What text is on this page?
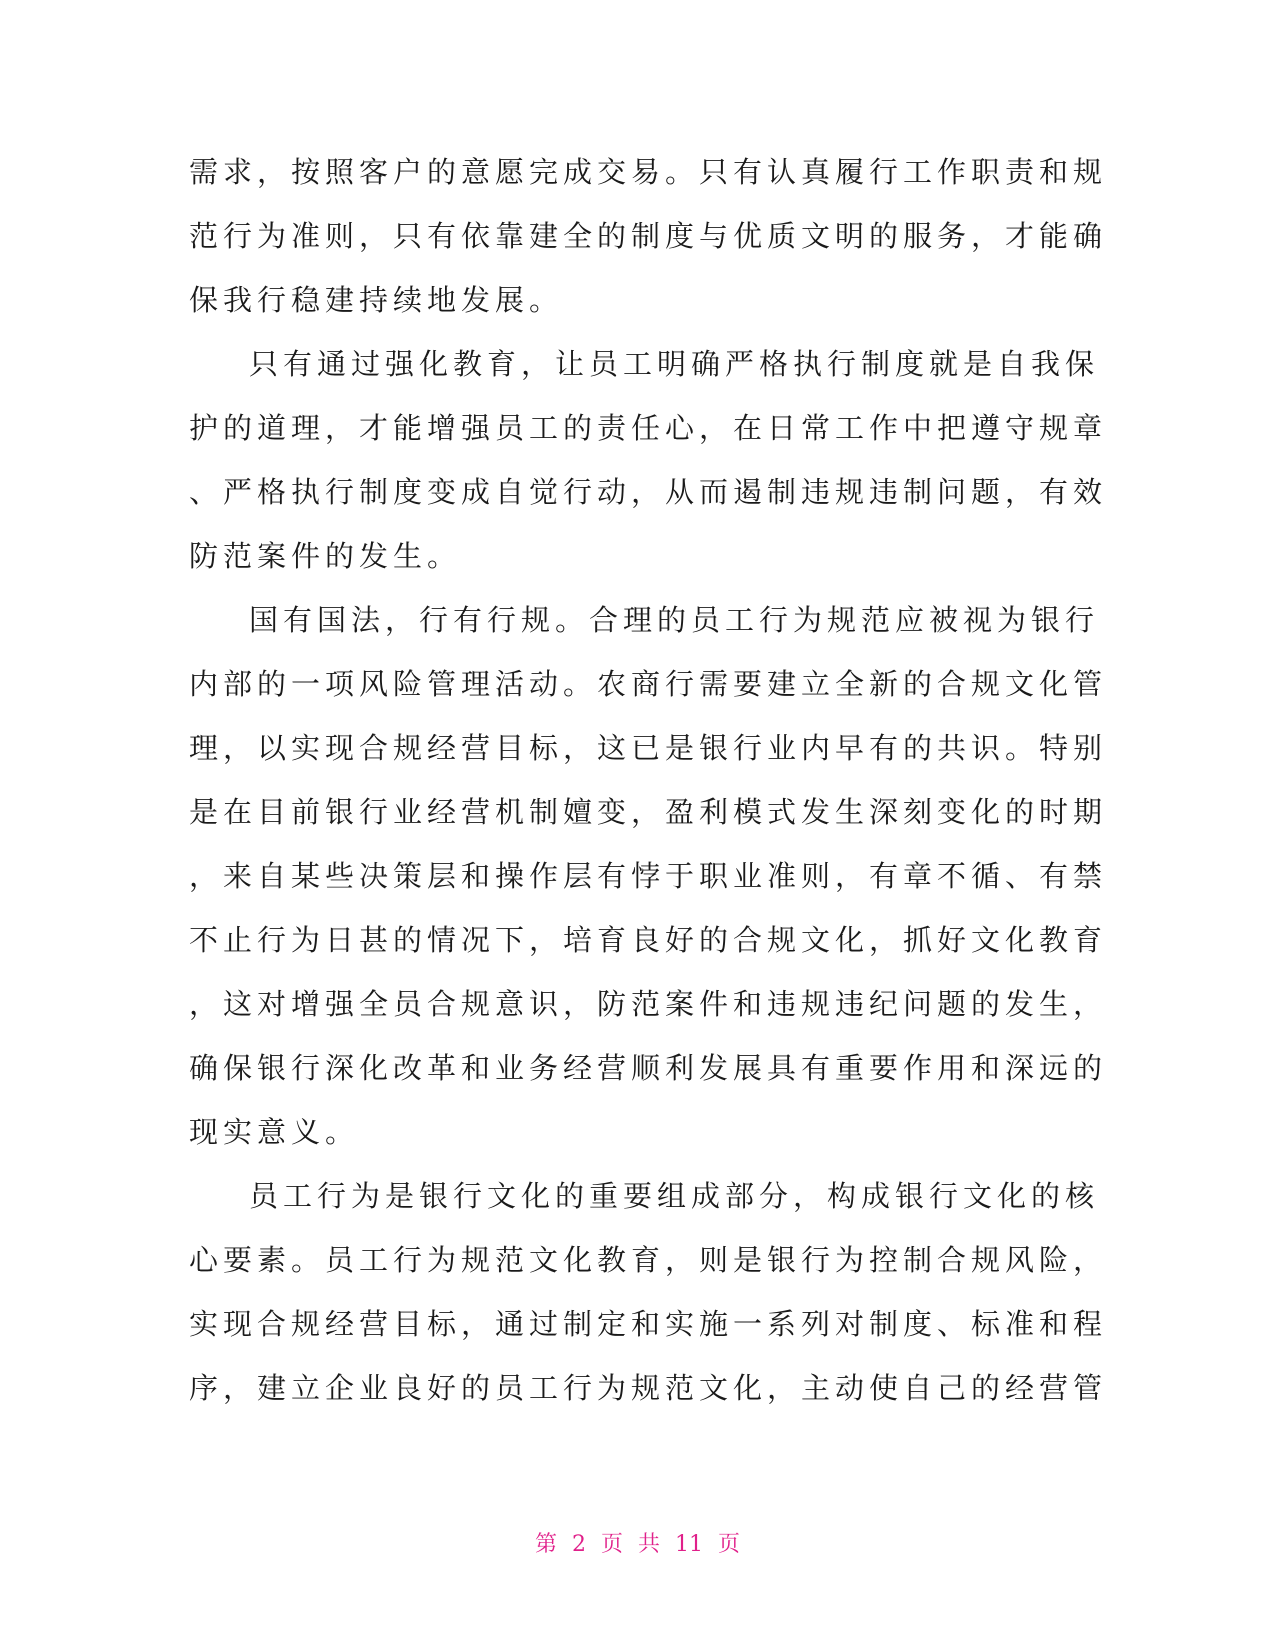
需求，按照客户的意愿完成交易。只有认真履行工作职责和规
范行为准则，只有依靠建全的制度与优质文明的服务，才能确
保我行稳建持续地发展。
只有通过强化教育，让员工明确严格执行制度就是自我保
护的道理，才能增强员工的责任心，在日常工作中把遵守规章
、严格执行制度变成自觉行动，从而遏制违规违制问题，有效
防范案件的发生。
国有国法，行有行规。合理的员工行为规范应被视为银行
内部的一项风险管理活动。农商行需要建立全新的合规文化管
理，以实现合规经营目标，这已是银行业内早有的共识。特别
是在目前银行业经营机制嬗变，盈利模式发生深刻变化的时期
，来自某些决策层和操作层有悖于职业准则，有章不循、有禁
不止行为日甚的情况下，培育良好的合规文化，抓好文化教育
，这对增强全员合规意识，防范案件和违规违纪问题的发生，
确保银行深化改革和业务经营顺利发展具有重要作用和深远的
现实意义。
员工行为是银行文化的重要组成部分，构成银行文化的核
心要素。员工行为规范文化教育，则是银行为控制合规风险，
实现合规经营目标，通过制定和实施一系列对制度、标准和程
序，建立企业良好的员工行为规范文化，主动使自己的经营管
第 2 页 共 11 页
